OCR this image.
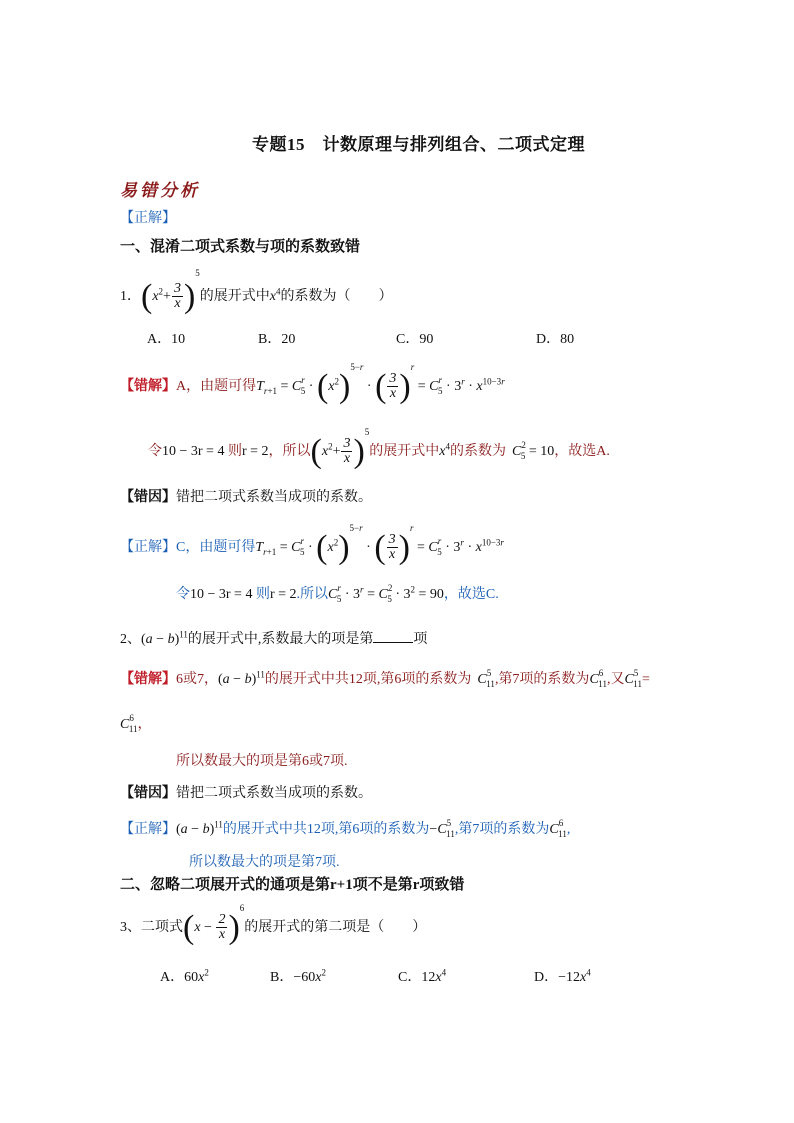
专题15　计数原理与排列组合、二项式定理
易错分析
【正解】
一、混淆二项式系数与项的系数致错
1．$(x^2+ \frac{3}{x} )^5$的展开式中$x^4$的系数为（　　）
A．10	B．20	C．90	D．80
【错解】A，由题可得$T_{r+1} = C^r_5 \cdot (x^2)^{5-r}$ · ( $\frac{3}{x} )^r = C^r_5 \cdot 3^r \cdot x^{10-3r}$
令10 − 3r = 4 则r = 2，所以$(x^2+ \frac{3}{x} )^5$的展开式中$x^4$的系数为 $C^2_5 = 10$，故选A.
【错因】错把二项式系数当成项的系数。
【正解】C，由题可得$T_{r+1} = C^r_5 \cdot (x^2)^{5-r}$ · ( $\frac{3}{x} )^r = C^r_5 \cdot 3^r \cdot x^{10-3r}$
令10 − 3r = 4 则r = 2.所以$C^r_5 \cdot 3^r = C^2_5 \cdot 3^2 = 90$，故选C.
2、$(a - b)^{11}$的展开式中,系数最大的项是第	项
【错解】6或7，$(a - b)^{11}$的展开式中共12项,第6项的系数为 $C^5_{11}$,第7项的系数为$C^6_{11}$,又$C^5_{11}=$
$C^6_{11}$，
所以数最大的项是第6或7项.
【错因】错把二项式系数当成项的系数。
【正解】$(a - b)^{11}$的展开式中共12项,第6项的系数为$-C^5_{11}$,第7项的系数为$C^6_{11}$,
所以数最大的项是第7项.
二、忽略二项展开式的通项是第r+1项不是第r项致错
3、二项式$(x - \frac{2}{x} )^6$的展开式的第二项是（　　）
A．$60x^2$	B．$-60x^2$	C．$12x^4$	D．$-12x^4$
